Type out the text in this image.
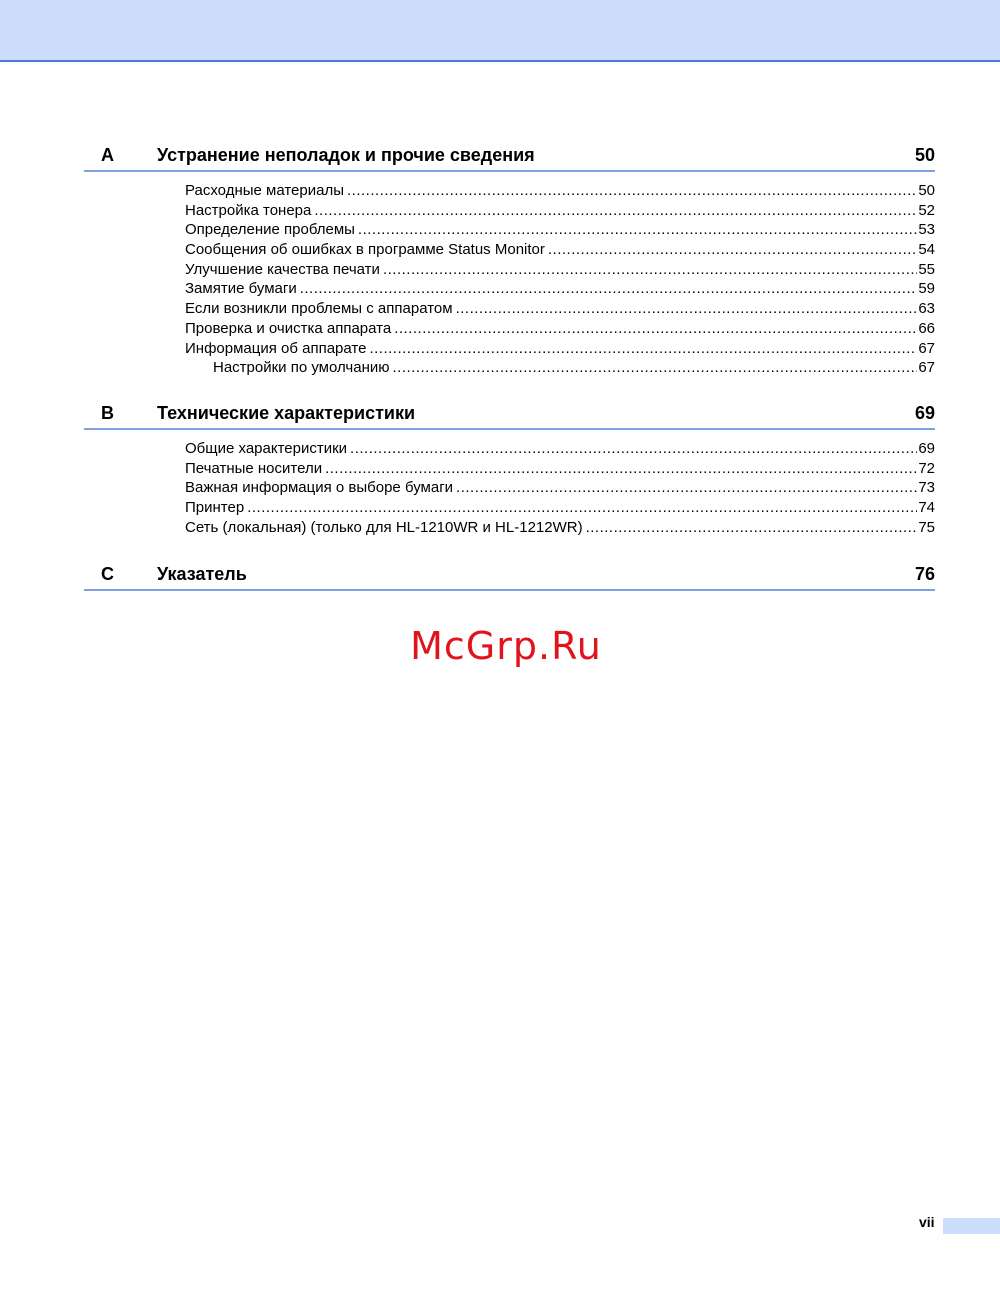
A	Устранение неполадок и прочие сведения	50
Расходные материалы .....	50
Настройка тонера .....	52
Определение проблемы .....	53
Сообщения об ошибках в программе Status Monitor .....	54
Улучшение качества печати .....	55
Замятие бумаги .....	59
Если возникли проблемы с аппаратом .....	63
Проверка и очистка аппарата .....	66
Информация об аппарате .....	67
Настройки по умолчанию .....	67
B	Технические характеристики	69
Общие характеристики .....	69
Печатные носители .....	72
Важная информация о выборе бумаги .....	73
Принтер .....	74
Сеть (локальная) (только для HL-1210WR и HL-1212WR) .....	75
C	Указатель	76
McGrp.Ru
vii
